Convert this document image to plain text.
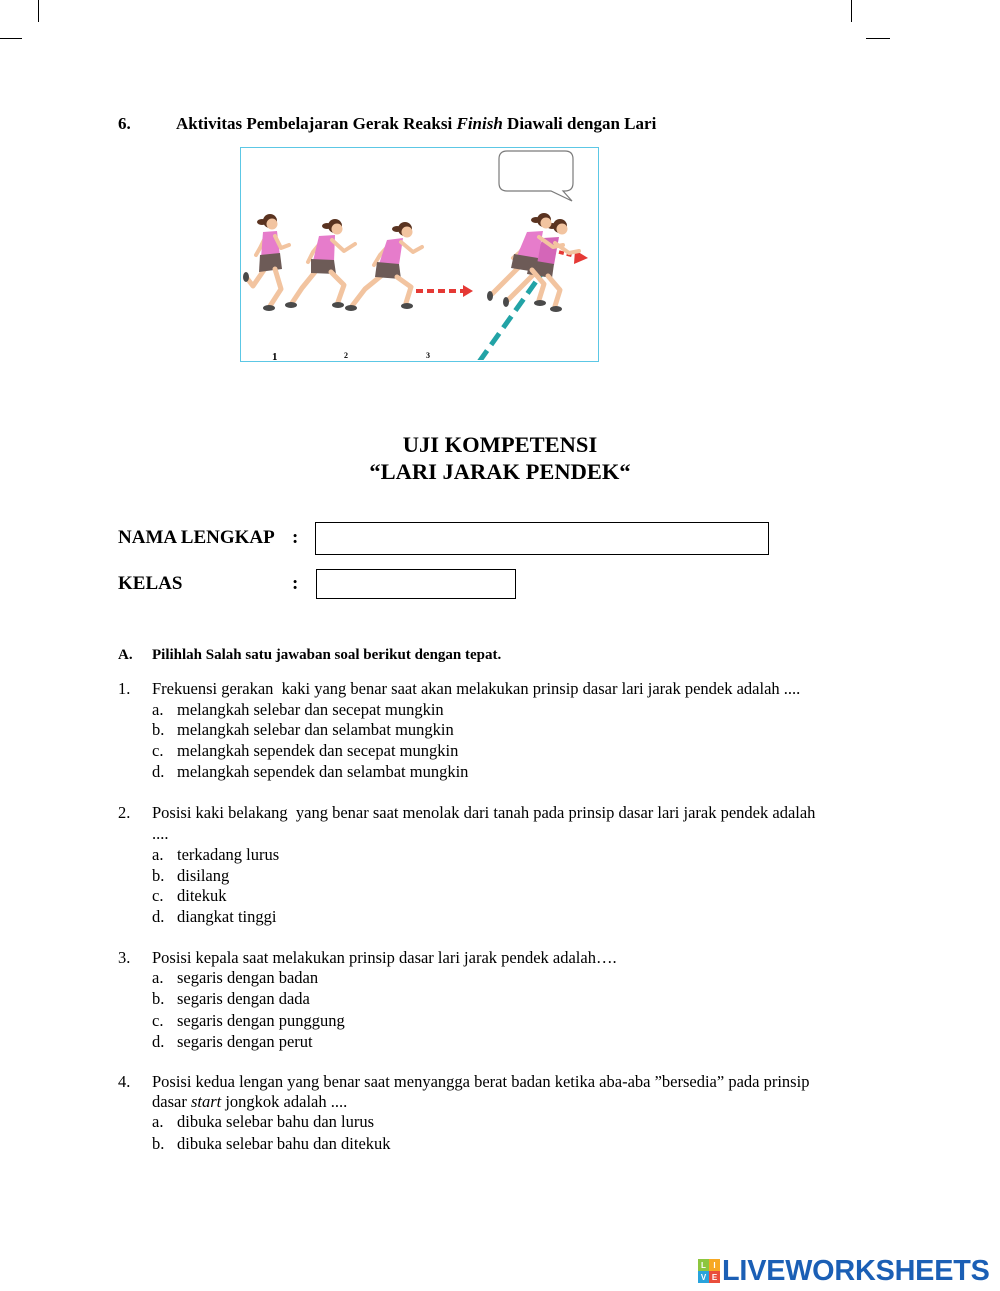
6.	Aktivitas Pembelajaran Gerak Reaksi Finish Diawali dengan Lari
1	2	3
UJI KOMPETENSI
“LARI JARAK PENDEK“
NAMA LENGKAP :
KELAS	:
A. Pilihlah Salah satu jawaban soal berikut dengan tepat.
1. Frekuensi gerakan  kaki yang benar saat akan melakukan prinsip dasar lari jarak pendek adalah ....
a. melangkah selebar dan secepat mungkin
b. melangkah selebar dan selambat mungkin
c. melangkah sependek dan secepat mungkin
d. melangkah sependek dan selambat mungkin
2. Posisi kaki belakang  yang benar saat menolak dari tanah pada prinsip dasar lari jarak pendek adalah
....
a. terkadang lurus
b. disilang
c. ditekuk
d. diangkat tinggi
3. Posisi kepala saat melakukan prinsip dasar lari jarak pendek adalah….
a. segaris dengan badan
b. segaris dengan dada
c. segaris dengan punggung
d. segaris dengan perut
4. Posisi kedua lengan yang benar saat menyangga berat badan ketika aba-aba ”bersedia” pada prinsip
dasar start jongkok adalah ....
a. dibuka selebar bahu dan lurus
b. dibuka selebar bahu dan ditekuk
L I
V E LIVEWORKSHEETS
